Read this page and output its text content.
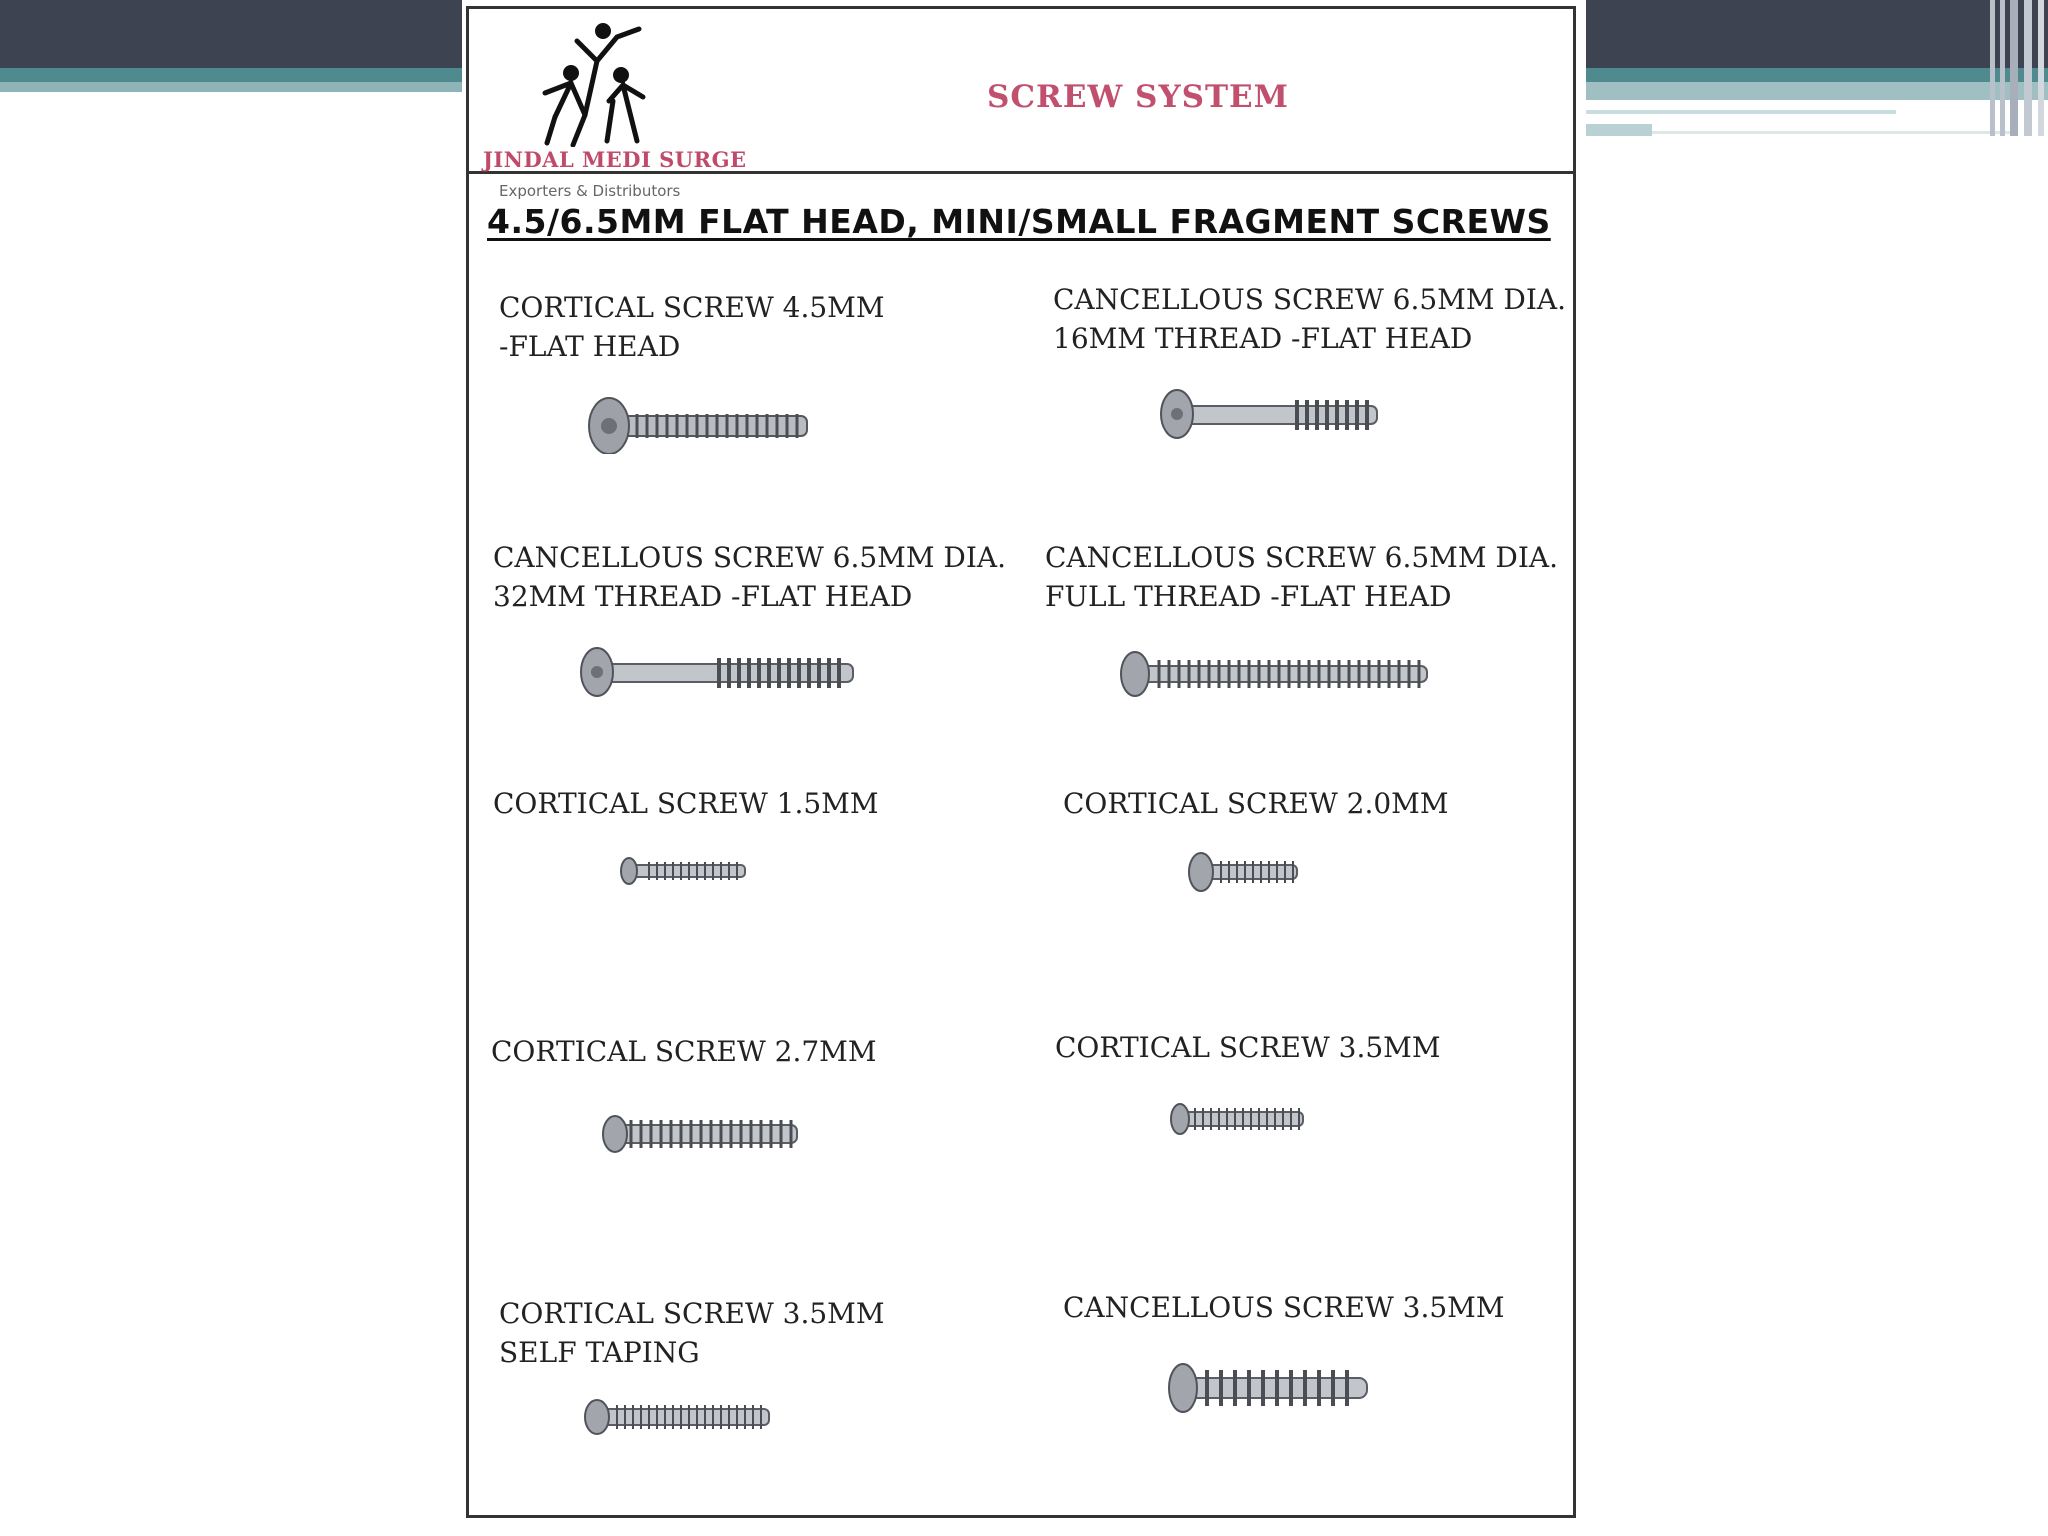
JINDAL MEDI SURGE
SCREW SYSTEM
Exporters & Distributors
4.5/6.5MM FLAT HEAD, MINI/SMALL FRAGMENT SCREWS

CORTICAL SCREW 4.5MM
-FLAT HEAD

CANCELLOUS SCREW 6.5MM DIA.
16MM THREAD -FLAT HEAD

CANCELLOUS SCREW 6.5MM DIA.
32MM THREAD -FLAT HEAD

CANCELLOUS SCREW 6.5MM DIA.
FULL THREAD -FLAT HEAD

CORTICAL SCREW 1.5MM	CORTICAL SCREW 2.0MM

CORTICAL SCREW 2.7MM	CORTICAL SCREW 3.5MM

CORTICAL SCREW 3.5MM
SELF TAPING

CANCELLOUS SCREW 3.5MM
